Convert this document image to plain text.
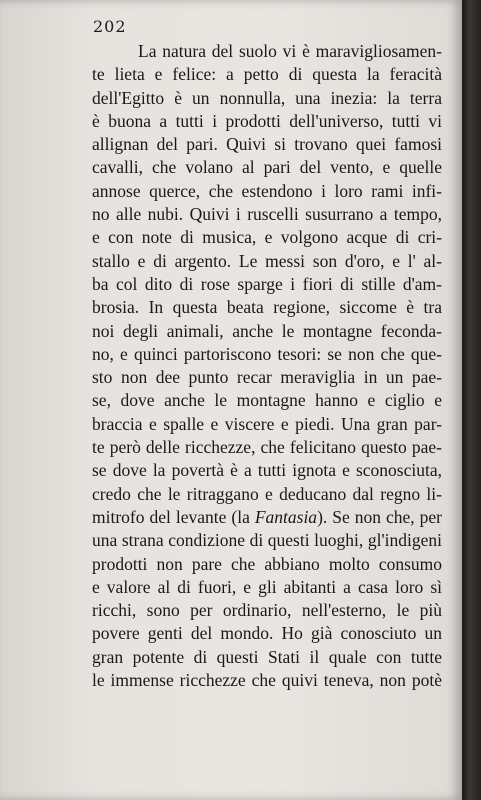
202
La natura del suolo vi è maravigliosamen-
te lieta e felice: a petto di questa la feracità
dell'Egitto è un nonnulla, una inezia: la terra
è buona a tutti i prodotti dell'universo, tutti vi
allignan del pari. Quivi si trovano quei famosi
cavalli, che volano al pari del vento, e quelle
annose querce, che estendono i loro rami infi-
no alle nubi. Quivi i ruscelli susurrano a tempo,
e con note di musica, e volgono acque di cri-
stallo e di argento. Le messi son d'oro, e l' al-
ba col dito di rose sparge i fiori di stille d'am-
brosia. In questa beata regione, siccome è tra
noi degli animali, anche le montagne feconda-
no, e quinci partoriscono tesori: se non che que-
sto non dee punto recar meraviglia in un pae-
se, dove anche le montagne hanno e ciglio e
braccia e spalle e viscere e piedi. Una gran par-
te però delle ricchezze, che felicitano questo pae-
se dove la povertà è a tutti ignota e sconosciuta,
credo che le ritraggano e deducano dal regno li-
mitrofo del levante (la Fantasia). Se non che, per
una strana condizione di questi luoghi, gl'indigeni
prodotti non pare che abbiano molto consumo
e valore al di fuori, e gli abitanti a casa loro sì
ricchi, sono per ordinario, nell'esterno, le più
povere genti del mondo. Ho già conosciuto un
gran potente di questi Stati il quale con tutte
le immense ricchezze che quivi teneva, non potè
